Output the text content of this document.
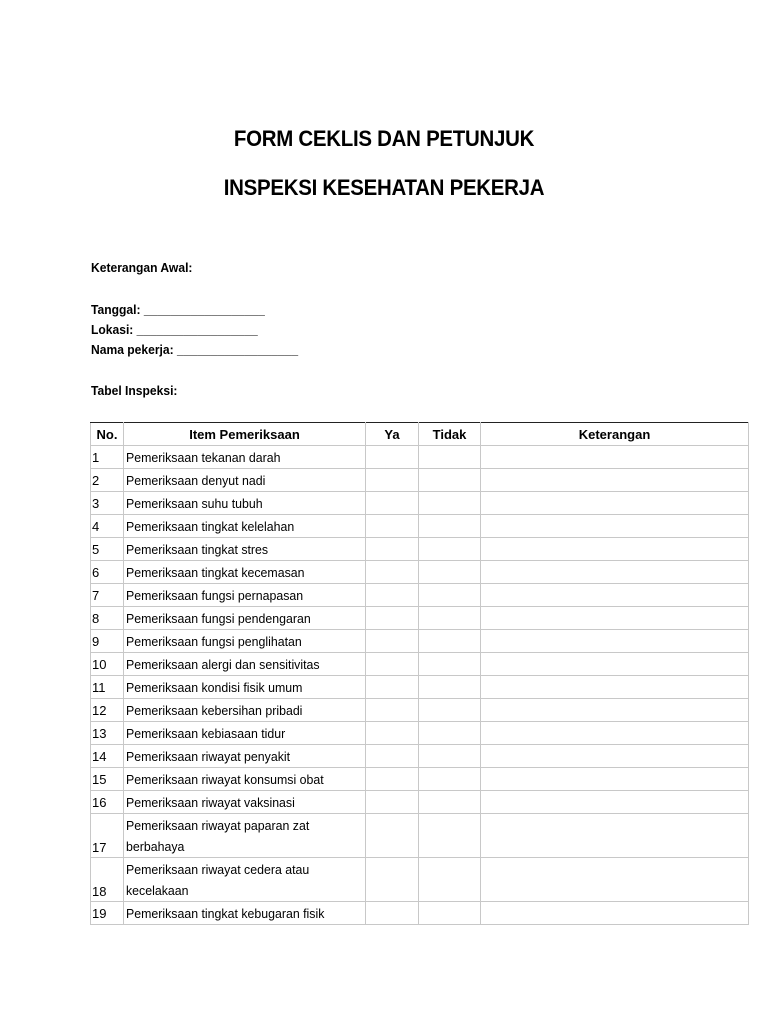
FORM CEKLIS DAN PETUNJUK
INSPEKSI KESEHATAN PEKERJA
Keterangan Awal:
Tanggal: __________________
Lokasi: __________________
Nama pekerja: __________________
Tabel Inspeksi:
No.	Item Pemeriksaan	Ya	Tidak	Keterangan
1	Pemeriksaan tekanan darah			
2	Pemeriksaan denyut nadi			
3	Pemeriksaan suhu tubuh			
4	Pemeriksaan tingkat kelelahan			
5	Pemeriksaan tingkat stres			
6	Pemeriksaan tingkat kecemasan			
7	Pemeriksaan fungsi pernapasan			
8	Pemeriksaan fungsi pendengaran			
9	Pemeriksaan fungsi penglihatan			
10	Pemeriksaan alergi dan sensitivitas			
11	Pemeriksaan kondisi fisik umum			
12	Pemeriksaan kebersihan pribadi			
13	Pemeriksaan kebiasaan tidur			
14	Pemeriksaan riwayat penyakit			
15	Pemeriksaan riwayat konsumsi obat			
16	Pemeriksaan riwayat vaksinasi			
17	Pemeriksaan riwayat paparan zat berbahaya			
18	Pemeriksaan riwayat cedera atau kecelakaan			
19	Pemeriksaan tingkat kebugaran fisik			
